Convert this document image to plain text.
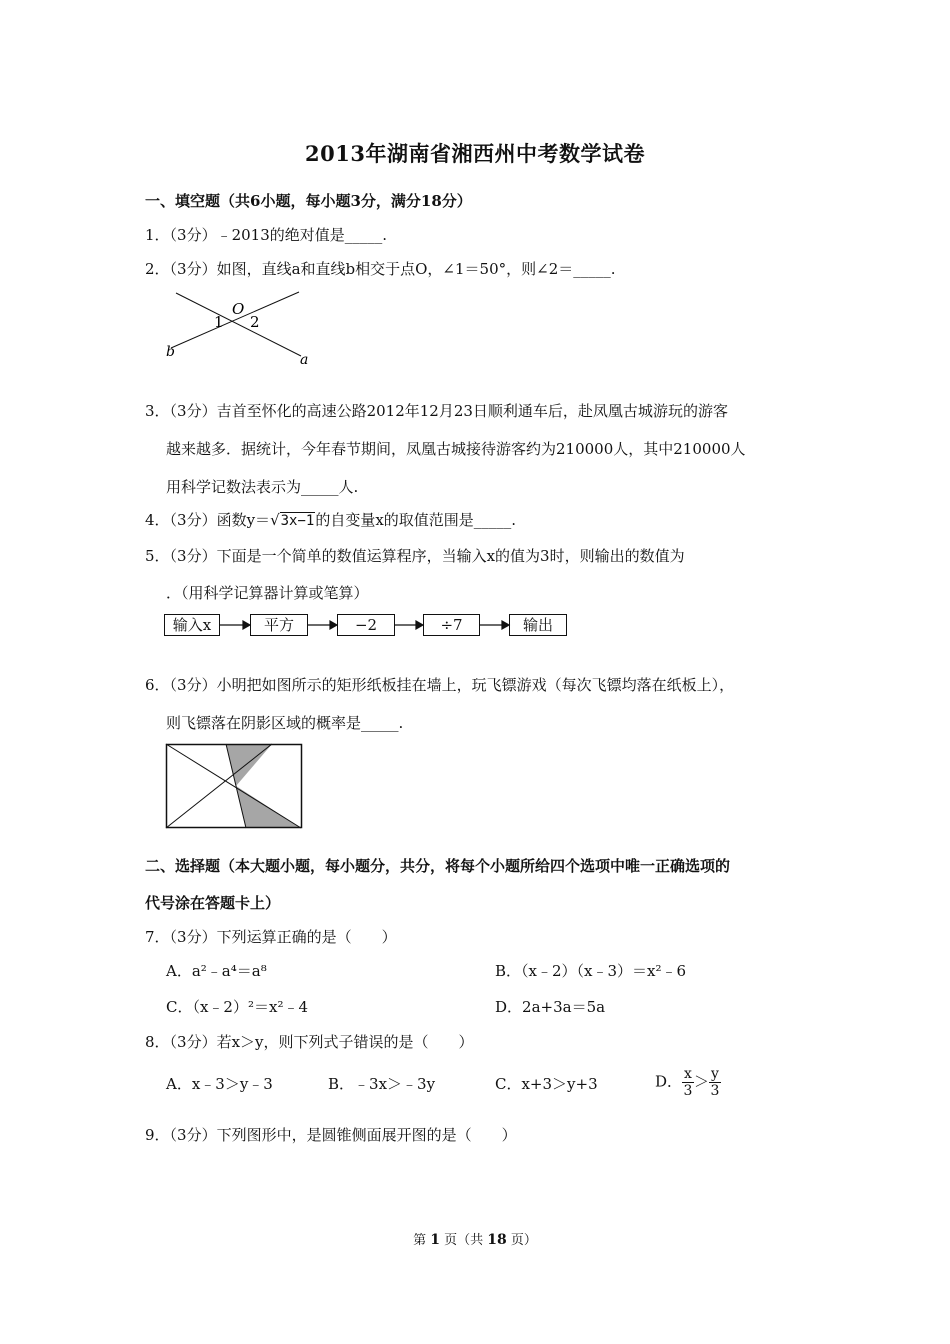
2013年湖南省湘西州中考数学试卷
一、填空题（共6小题，每小题3分，满分18分）
1．（3分）﹣2013的绝对值是_____.
2．（3分）如图，直线a和直线b相交于点O，∠1＝50°，则∠2＝_____.
O
1 2
b	a
3．（3分）吉首至怀化的高速公路2012年12月23日顺利通车后，赴凤凰古城游玩的游客
越来越多．据统计，今年春节期间，凤凰古城接待游客约为210000人，其中210000人
用科学记数法表示为_____人.
4．（3分）函数y＝√3x−1的自变量x的取值范围是_____.
5．（3分）下面是一个简单的数值运算程序，当输入x的值为3时，则输出的数值为
．（用科学记算器计算或笔算）
输入x	平方	−2	÷7	输出
6．（3分）小明把如图所示的矩形纸板挂在墙上，玩飞镖游戏（每次飞镖均落在纸板上），
则飞镖落在阴影区域的概率是_____.
二、选择题（本大题小题，每小题分，共分，将每个小题所给四个选项中唯一正确选项的
代号涂在答题卡上）
7．（3分）下列运算正确的是（　　）
A．a²﹣a⁴＝a⁸	B．（x﹣2）（x﹣3）＝x²﹣6
C．（x﹣2）²＝x²﹣4	D．2a+3a＝5a
8．（3分）若x＞y，则下列式子错误的是（　　）
A．x﹣3＞y﹣3	B．﹣3x＞﹣3y	C．x+3＞y+3	D． $\frac{x}{3} > \frac{y}{3}$
9．（3分）下列图形中，是圆锥侧面展开图的是（　　）
第 1 页（共 18 页）
